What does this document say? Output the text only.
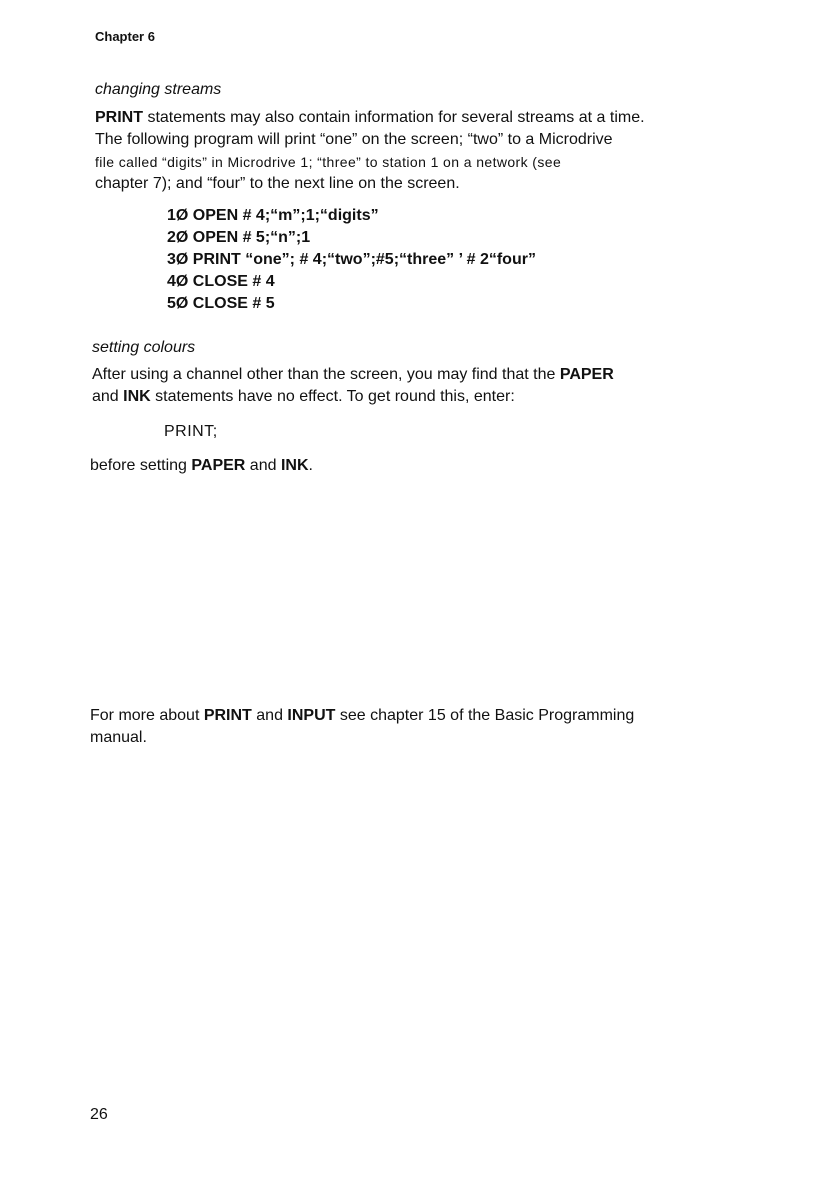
Chapter 6
changing streams
PRINT statements may also contain information for several streams at a time.
The following program will print “one” on the screen; “two” to a Microdrive
file called “digits” in Microdrive 1; “three” to station 1 on a network (see
chapter 7); and “four” to the next line on the screen.
1Ø OPEN # 4;“m”;1;“digits”
2Ø OPEN # 5;“n”;1
3Ø PRINT “one”; # 4;“two”;#5;“three” ’ # 2“four”
4Ø CLOSE # 4
5Ø CLOSE # 5
setting colours
After using a channel other than the screen, you may find that the PAPER
and INK statements have no effect. To get round this, enter:
PRINT;
before setting PAPER and INK.
For more about PRINT and INPUT see chapter 15 of the Basic Programming
manual.
26
